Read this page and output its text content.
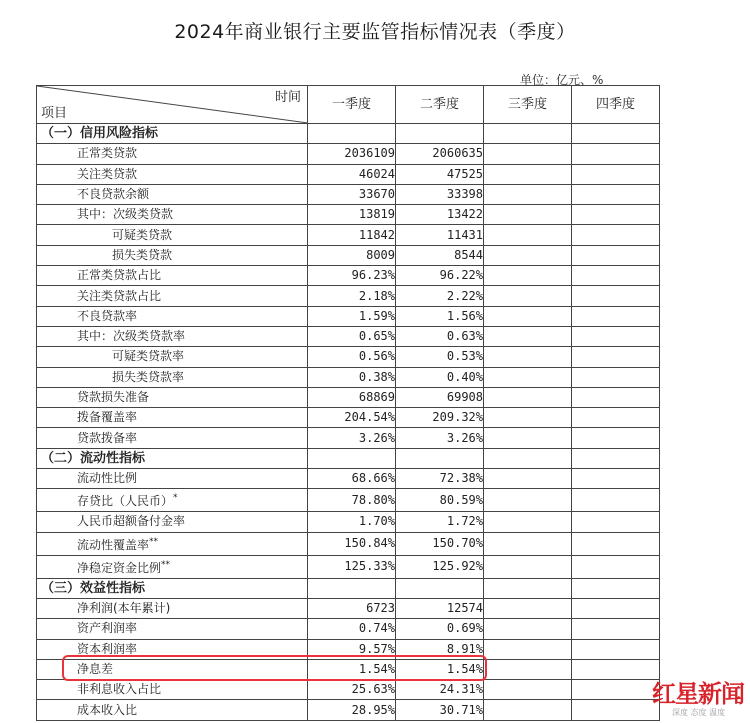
2024年商业银行主要监管指标情况表（季度）
单位：亿元、%
时间
项目	一季度	二季度	三季度	四季度
（一）信用风险指标				
正常类贷款	2036109	2060635		
关注类贷款	46024	47525		
不良贷款余额	33670	33398		
其中：次级类贷款	13819	13422		
可疑类贷款	11842	11431		
损失类贷款	8009	8544		
正常类贷款占比	96.23%	96.22%		
关注类贷款占比	2.18%	2.22%		
不良贷款率	1.59%	1.56%		
其中：次级类贷款率	0.65%	0.63%		
可疑类贷款率	0.56%	0.53%		
损失类贷款率	0.38%	0.40%		
贷款损失准备	68869	69908		
拨备覆盖率	204.54%	209.32%		
贷款拨备率	3.26%	3.26%		
（二）流动性指标				
流动性比例	68.66%	72.38%		
存贷比（人民币）*	78.80%	80.59%		
人民币超额备付金率	1.70%	1.72%		
流动性覆盖率**	150.84%	150.70%		
净稳定资金比例**	125.33%	125.92%		
（三）效益性指标				
净利润(本年累计)	6723	12574		
资产利润率	0.74%	0.69%		
资本利润率	9.57%	8.91%		
净息差	1.54%	1.54%		
非利息收入占比	25.63%	24.31%		
成本收入比	28.95%	30.71%		
红星新闻
深度 态度 温度
